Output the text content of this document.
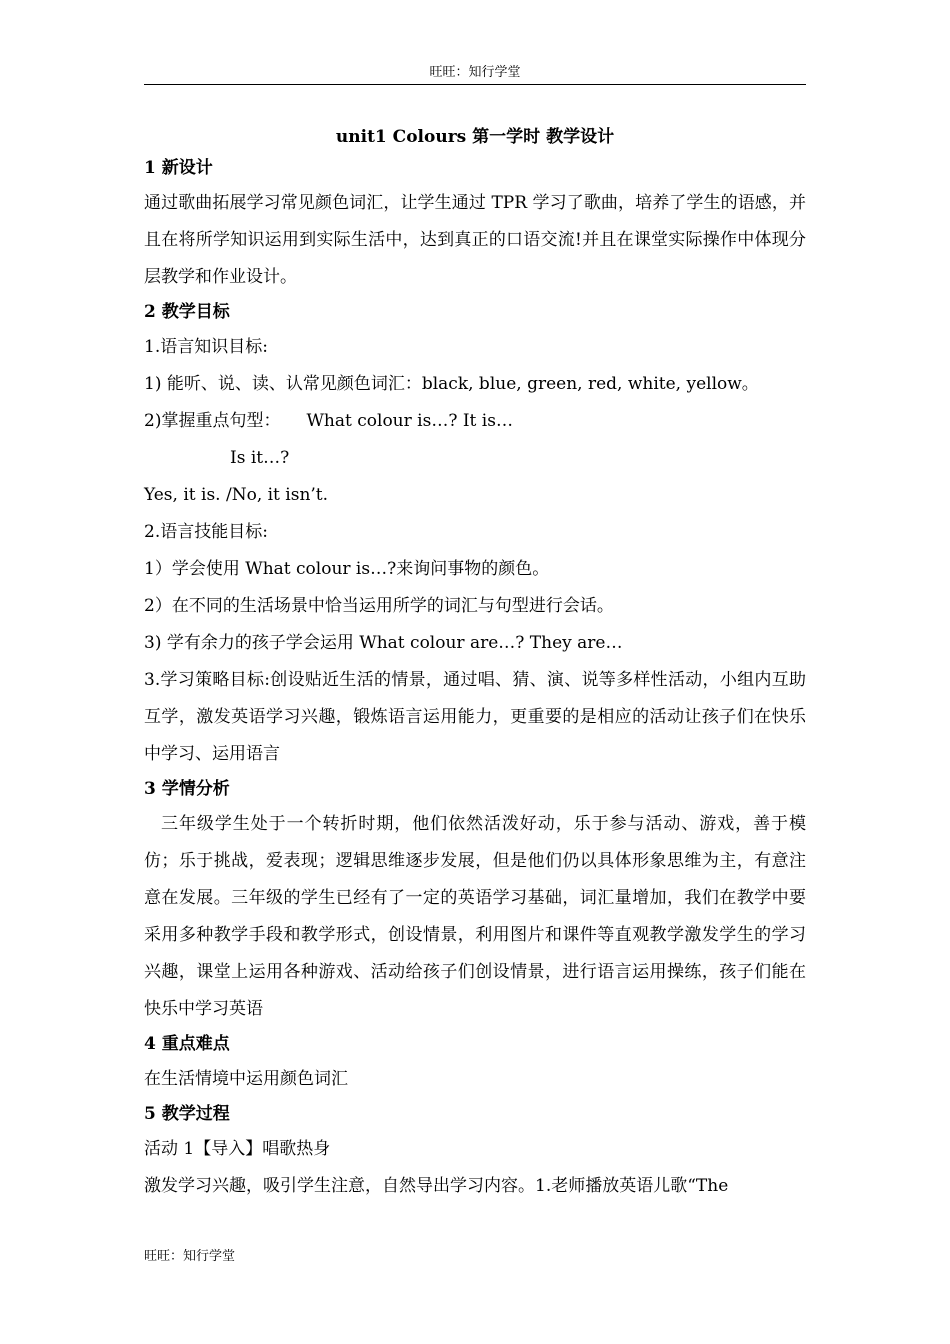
旺旺：知行学堂

unit1 Colours 第一学时 教学设计

1 新设计

通过歌曲拓展学习常见颜色词汇，让学生通过 TPR 学习了歌曲，培养了学生的语感，并且在将所学知识运用到实际生活中，达到真正的口语交流!并且在课堂实际操作中体现分层教学和作业设计。

2 教学目标

1.语言知识目标:

1) 能听、说、读、认常见颜色词汇：black, blue, green, red, white, yellow。

2)掌握重点句型： What colour is…? It is…

Is it…?

Yes, it is. /No, it isn’t.

2.语言技能目标:

1）学会使用 What colour is…?来询问事物的颜色。

2）在不同的生活场景中恰当运用所学的词汇与句型进行会话。

3) 学有余力的孩子学会运用 What colour are…? They are…

3.学习策略目标:创设贴近生活的情景，通过唱、猜、演、说等多样性活动，小组内互助互学，激发英语学习兴趣，锻炼语言运用能力，更重要的是相应的活动让孩子们在快乐中学习、运用语言

3 学情分析

三年级学生处于一个转折时期，他们依然活泼好动，乐于参与活动、游戏，善于模仿；乐于挑战，爱表现；逻辑思维逐步发展，但是他们仍以具体形象思维为主，有意注意在发展。三年级的学生已经有了一定的英语学习基础，词汇量增加，我们在教学中要采用多种教学手段和教学形式，创设情景，利用图片和课件等直观教学激发学生的学习兴趣，课堂上运用各种游戏、活动给孩子们创设情景，进行语言运用操练，孩子们能在快乐中学习英语

4 重点难点

在生活情境中运用颜色词汇

5 教学过程

活动 1【导入】唱歌热身

激发学习兴趣，吸引学生注意，自然导出学习内容。1.老师播放英语儿歌“The

旺旺：知行学堂
